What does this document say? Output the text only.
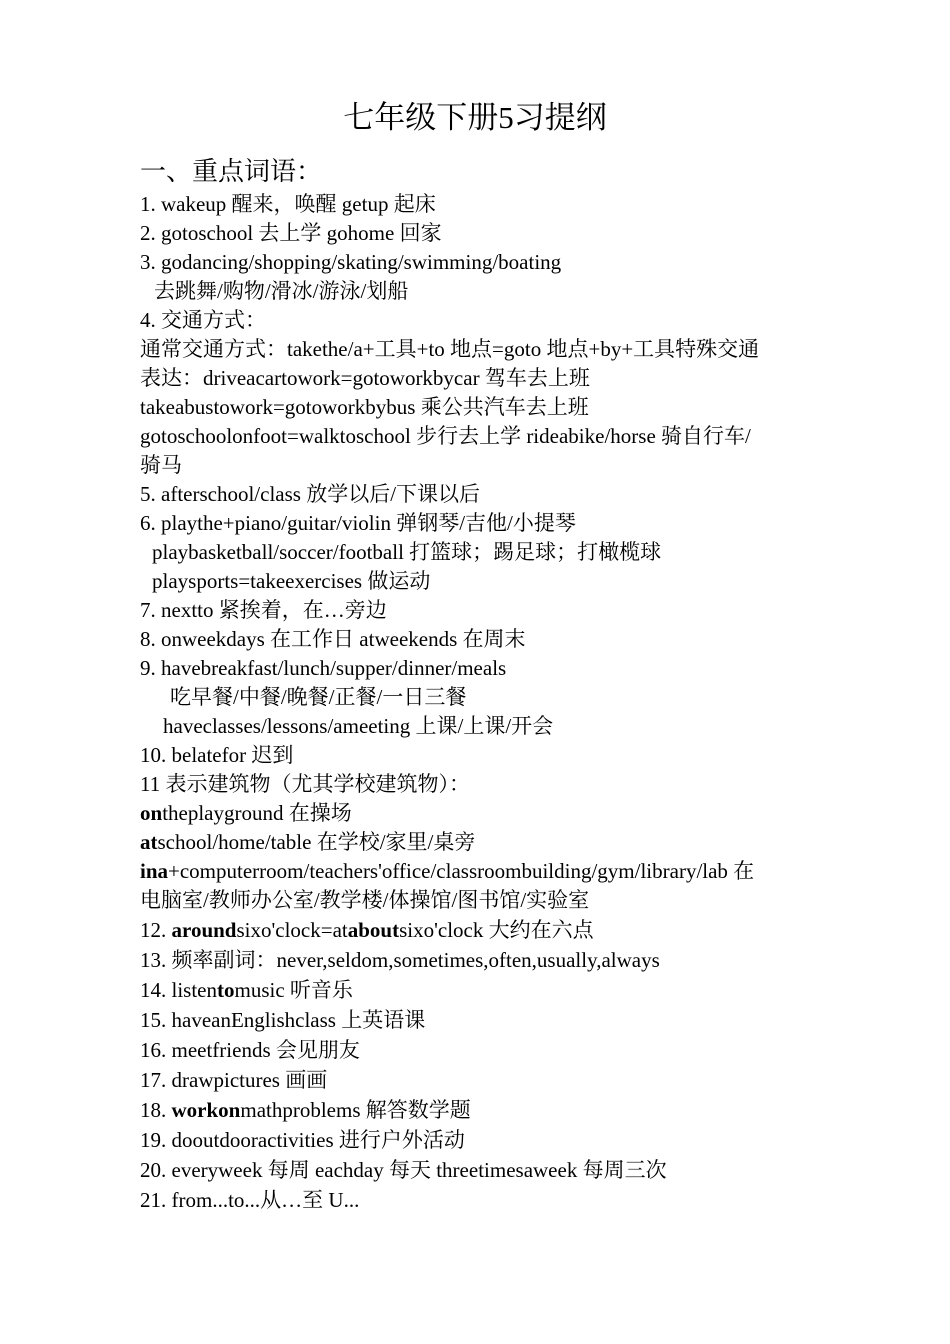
七年级下册5习提纲
一、重点词语：
1. wakeup 醒来，唤醒 getup 起床
2. gotoschool 去上学 gohome 回家
3. godancing/shopping/skating/swimming/boating
去跳舞/购物/滑冰/游泳/划船
4. 交通方式：
通常交通方式：takethe/a+工具+to 地点=goto 地点+by+工具特殊交通
表达：driveacartowork=gotoworkbycar 驾车去上班
takeabustowork=gotoworkbybus 乘公共汽车去上班
gotoschoolonfoot=walktoschool 步行去上学 rideabike/horse 骑自行车/
骑马
5. afterschool/class 放学以后/下课以后
6. playthe+piano/guitar/violin 弹钢琴/吉他/小提琴
playbasketball/soccer/football 打篮球；踢足球；打橄榄球
playsports=takeexercises 做运动
7. nextto 紧挨着，在…旁边
8. onweekdays 在工作日 atweekends 在周末
9. havebreakfast/lunch/supper/dinner/meals
吃早餐/中餐/晚餐/正餐/一日三餐
haveclasses/lessons/ameeting 上课/上课/开会
10. belatefor 迟到
11 表示建筑物（尤其学校建筑物）：
ontheplayground 在操场
atschool/home/table 在学校/家里/桌旁
ina+computerroom/teachers'office/classroombuilding/gym/library/lab 在
电脑室/教师办公室/教学楼/体操馆/图书馆/实验室
12. aroundsixo'clock=ataboutsixo'clock 大约在六点
13. 频率副词：never,seldom,sometimes,often,usually,always
14. listentomusic 听音乐
15. haveanEnglishclass 上英语课
16. meetfriends 会见朋友
17. drawpictures 画画
18. workonmathproblems 解答数学题
19. dooutdooractivities 进行户外活动
20. everyweek 每周 eachday 每天 threetimesaweek 每周三次
21. from...to...从…至 U...
